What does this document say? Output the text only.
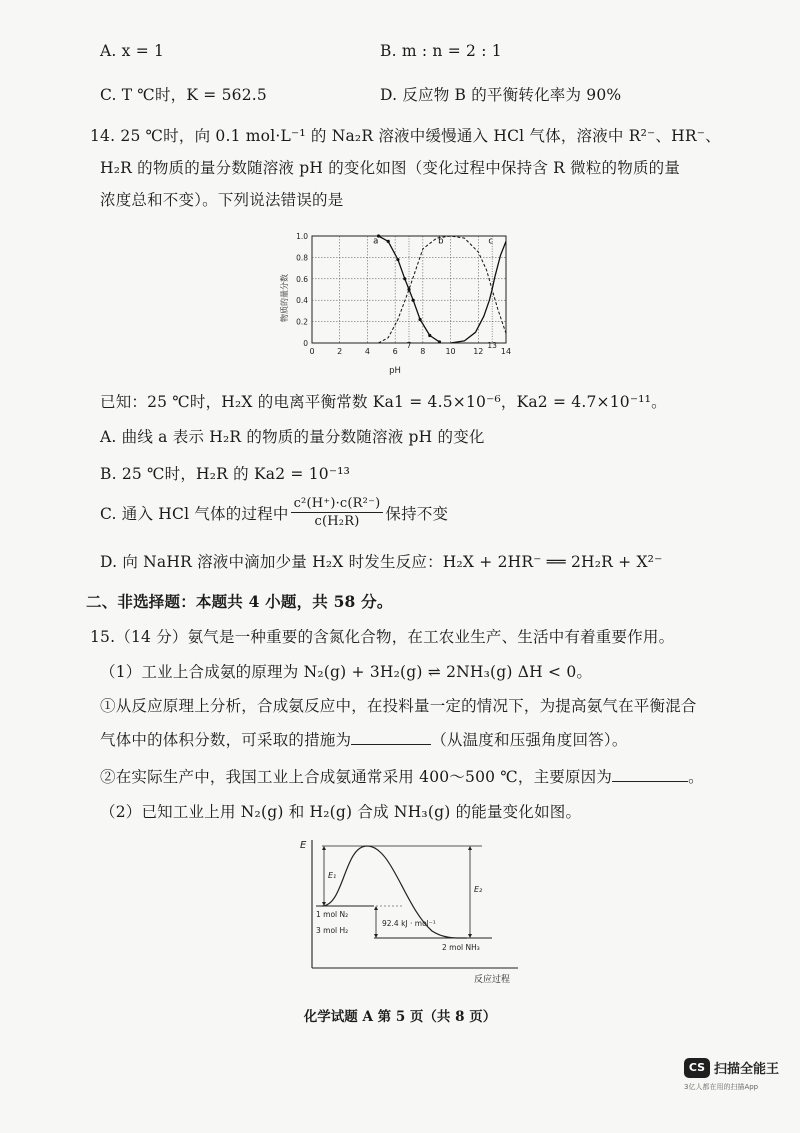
A. x = 1	B. m : n = 2 : 1
C. T ℃时，K = 562.5	D. 反应物 B 的平衡转化率为 90%
14. 25 ℃时，向 0.1 mol·L⁻¹ 的 Na₂R 溶液中缓慢通入 HCl 气体，溶液中 R²⁻、HR⁻、
H₂R 的物质的量分数随溶液 pH 的变化如图（变化过程中保持含 R 微粒的物质的量
浓度总和不变）。下列说法错误的是
a	b	c
0	2	4	6	8	10 12 14
0
0.2
0.4
0.6
0.8
1.0
7	13
物质的量分数
pH
已知：25 ℃时，H₂X 的电离平衡常数 Ka1 = 4.5×10⁻⁶，Ka2 = 4.7×10⁻¹¹。
A. 曲线 a 表示 H₂R 的物质的量分数随溶液 pH 的变化
B. 25 ℃时，H₂R 的 Ka2 = 10⁻¹³
C. 通入 HCl 气体的过程中 $\frac{\text{c²(H⁺)·c(R²⁻)}}{\text{c(H₂R)}}$ 保持不变
D. 向 NaHR 溶液中滴加少量 H₂X 时发生反应：H₂X + 2HR⁻ ══ 2H₂R + X²⁻
二、非选择题：本题共 4 小题，共 58 分。
15.（14 分）氨气是一种重要的含氮化合物，在工农业生产、生活中有着重要作用。
（1）工业上合成氨的原理为 N₂(g) + 3H₂(g) ⇌ 2NH₃(g) ΔH < 0。
①从反应原理上分析，合成氨反应中，在投料量一定的情况下，为提高氨气在平衡混合
气体中的体积分数，可采取的措施为	（从温度和压强角度回答）。
②在实际生产中，我国工业上合成氨通常采用 400～500 ℃，主要原因为	。
（2）已知工业上用 N₂(g) 和 H₂(g) 合成 NH₃(g) 的能量变化如图。
E
反应过程
E₁
E₂
92.4 kJ · mol⁻¹
1 mol N₂
3 mol H₂
2 mol NH₃
化学试题 A 第 5 页（共 8 页）
CS 扫描全能王
3亿人都在用的扫描App
